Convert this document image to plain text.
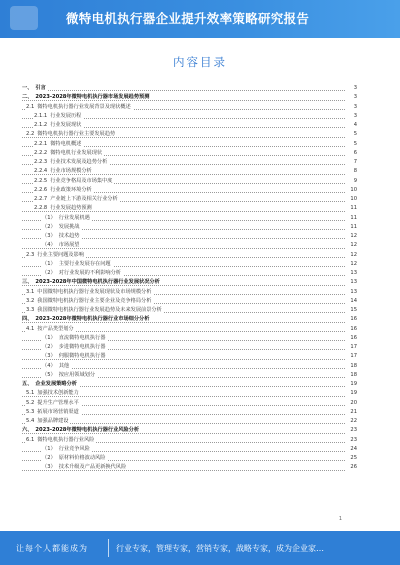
微特电机执行器企业提升效率策略研究报告
内容目录
一、 引言	3
二、 2023-2028年微特电机执行器市场发展趋势预测	3
2.1 微特电机执行器行业发展背景及现状概述	3
2.1.1 行业发展历程	3
2.1.2 行业发展现状	4
2.2 微特电机执行器行业主要发展趋势	5
2.2.1 微特电机概述	5
2.2.2 微特电机行业发展现状	6
2.2.3 行业技术发展及趋势分析	7
2.2.4 行业市场规模分析	8
2.2.5 行业竞争格局及市场集中度	9
2.2.6 行业政策环境分析	10
2.2.7 产业链上下游及相关行业分析	10
2.2.8 行业发展趋势预测	11
（1） 行业发展机遇	11
（2） 发展挑战	11
（3） 技术趋势	12
（4） 市场展望	12
2.3 行业主要问题及影响	12
（1） 主要行业发展存在问题	12
（2） 对行业发展的不利影响分析	13
三、 2023-2028年中国微特电机执行器行业发展状况分析	13
3.1 中国微特电机执行器行业发展现状及市场规模分析	13
3.2 我国微特电机执行器行业主要企业及竞争格局分析	14
3.3 我国微特电机执行器行业发展趋势及未来发展前景分析	15
四、 2023-2028年微特电机执行器行业市场细分分析	16
4.1 按产品类型划分	16
（1） 直流微特电机执行器	16
（2） 步进微特电机执行器	17
（3） 伺服微特电机执行器	17
（4） 其他	18
（5） 按应用领域划分	18
五、 企业发展策略分析	19
5.1 加强技术创新能力	19
5.2 提升生产管理水平	20
5.3 拓展市场营销渠道	21
5.4 加强品牌建设	22
六、 2023-2028年微特电机执行器行业风险分析	23
6.1 微特电机执行器行业风险	23
（1） 行业竞争风险	24
（2） 原材料价格波动风险	25
（3） 技术升级及产品更新换代风险	26
1
让每个人都能成为	行业专家，管理专家，营销专家，战略专家，成为企业家…
